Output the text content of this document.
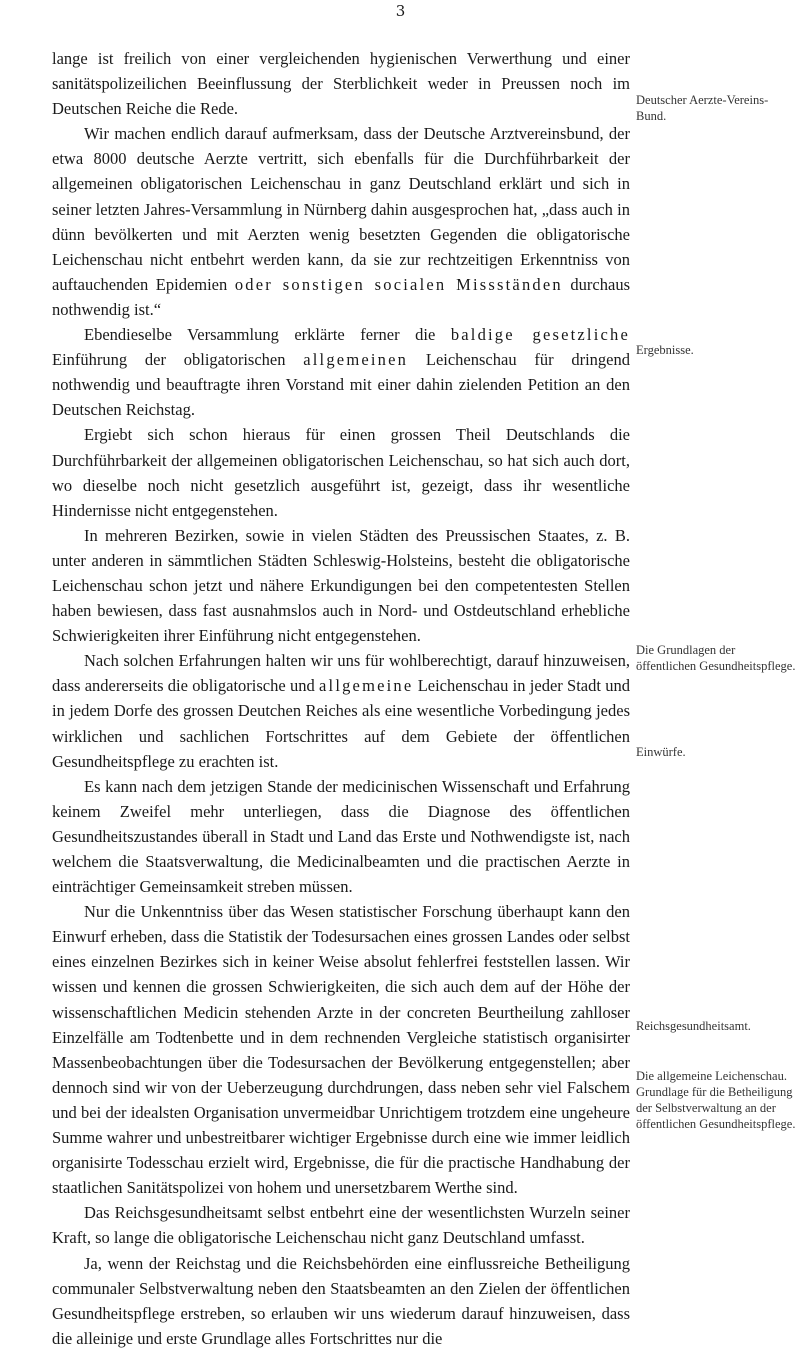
3

lange ist freilich von einer vergleichenden hygienischen Verwerthung und einer sanitätspolizeilichen Beeinflussung der Sterblichkeit weder in Preussen noch im Deutschen Reiche die Rede.

Wir machen endlich darauf aufmerksam, dass der Deutsche Arztvereinsbund, der etwa 8000 deutsche Aerzte vertritt, sich ebenfalls für die Durchführbarkeit der allgemeinen obligatorischen Leichenschau in ganz Deutschland erklärt und sich in seiner letzten Jahres-Versammlung in Nürnberg dahin ausgesprochen hat, „dass auch in dünn bevölkerten und mit Aerzten wenig besetzten Gegenden die obligatorische Leichenschau nicht entbehrt werden kann, da sie zur rechtzeitigen Erkenntniss von auftauchenden Epidemien oder sonstigen socialen Missständen durchaus nothwendig ist.“

Ebendieselbe Versammlung erklärte ferner die baldige gesetzliche Einführung der obligatorischen allgemeinen Leichenschau für dringend nothwendig und beauftragte ihren Vorstand mit einer dahin zielenden Petition an den Deutschen Reichstag.

Ergiebt sich schon hieraus für einen grossen Theil Deutschlands die Durchführbarkeit der allgemeinen obligatorischen Leichenschau, so hat sich auch dort, wo dieselbe noch nicht gesetzlich ausgeführt ist, gezeigt, dass ihr wesentliche Hindernisse nicht entgegenstehen.

In mehreren Bezirken, sowie in vielen Städten des Preussischen Staates, z. B. unter anderen in sämmtlichen Städten Schleswig-Holsteins, besteht die obligatorische Leichenschau schon jetzt und nähere Erkundigungen bei den competentesten Stellen haben bewiesen, dass fast ausnahmslos auch in Nord- und Ostdeutschland erhebliche Schwierigkeiten ihrer Einführung nicht entgegenstehen.

Nach solchen Erfahrungen halten wir uns für wohlberechtigt, darauf hinzuweisen, dass andererseits die obligatorische und allgemeine Leichenschau in jeder Stadt und in jedem Dorfe des grossen Deutchen Reiches als eine wesentliche Vorbedingung jedes wirklichen und sachlichen Fortschrittes auf dem Gebiete der öffentlichen Gesundheitspflege zu erachten ist.

Es kann nach dem jetzigen Stande der medicinischen Wissenschaft und Erfahrung keinem Zweifel mehr unterliegen, dass die Diagnose des öffentlichen Gesundheitszustandes überall in Stadt und Land das Erste und Nothwendigste ist, nach welchem die Staatsverwaltung, die Medicinalbeamten und die practischen Aerzte in einträchtiger Gemeinsamkeit streben müssen.

Nur die Unkenntniss über das Wesen statistischer Forschung überhaupt kann den Einwurf erheben, dass die Statistik der Todesursachen eines grossen Landes oder selbst eines einzelnen Bezirkes sich in keiner Weise absolut fehlerfrei feststellen lassen. Wir wissen und kennen die grossen Schwierigkeiten, die sich auch dem auf der Höhe der wissenschaftlichen Medicin stehenden Arzte in der concreten Beurtheilung zahlloser Einzelfälle am Todtenbette und in dem rechnenden Vergleiche statistisch organisirter Massenbeobachtungen über die Todesursachen der Bevölkerung entgegenstellen; aber dennoch sind wir von der Ueberzeugung durchdrungen, dass neben sehr viel Falschem und bei der idealsten Organisation unvermeidbar Unrichtigem trotzdem eine ungeheure Summe wahrer und unbestreitbarer wichtiger Ergebnisse durch eine wie immer leidlich organisirte Todesschau erzielt wird, Ergebnisse, die für die practische Handhabung der staatlichen Sanitätspolizei von hohem und unersetzbarem Werthe sind.

Das Reichsgesundheitsamt selbst entbehrt eine der wesentlichsten Wurzeln seiner Kraft, so lange die obligatorische Leichenschau nicht ganz Deutschland umfasst.

Ja, wenn der Reichstag und die Reichsbehörden eine einflussreiche Betheiligung communaler Selbstverwaltung neben den Staatsbeamten an den Zielen der öffentlichen Gesundheitspflege erstreben, so erlauben wir uns wiederum darauf hinzuweisen, dass die alleinige und erste Grundlage alles Fortschrittes nur die

Deutscher Aerzte-Vereins-Bund.
Ergebnisse.
Die Grundlagen der öffentlichen Gesundheitspflege.
Einwürfe.
Reichsgesundheitsamt.
Die allgemeine Leichenschau. Grundlage für die Betheiligung der Selbstverwaltung an der öffentlichen Gesundheitspflege.
